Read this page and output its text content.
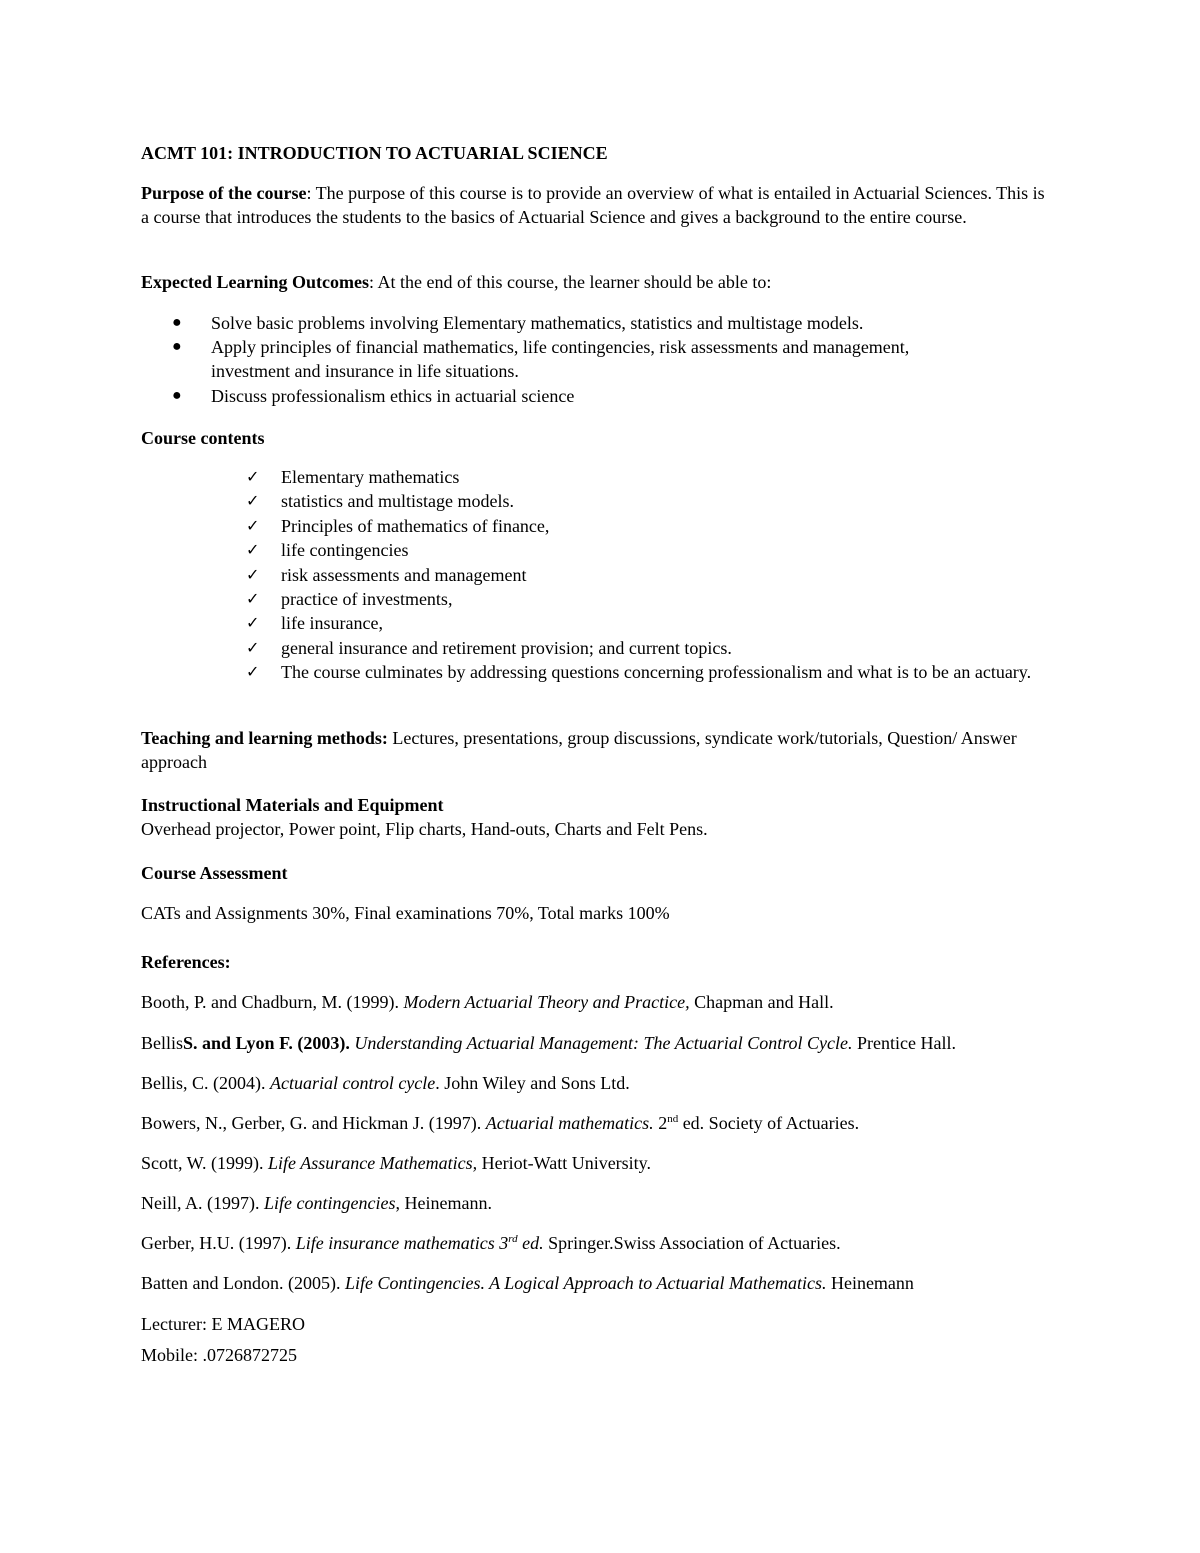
ACMT 101: INTRODUCTION TO ACTUARIAL SCIENCE

Purpose of the course: The purpose of this course is to provide an overview of what is entailed in Actuarial Sciences. This is a course that introduces the students to the basics of Actuarial Science and gives a background to the entire course.

Expected Learning Outcomes: At the end of this course, the learner should be able to:

● Solve basic problems involving Elementary mathematics, statistics and multistage models.
● Apply principles of financial mathematics, life contingencies, risk assessments and management, investment and insurance in life situations.
● Discuss professionalism ethics in actuarial science

Course contents

✓ Elementary mathematics
✓ statistics and multistage models.
✓ Principles of mathematics of finance,
✓ life contingencies
✓ risk assessments and management
✓ practice of investments,
✓ life insurance,
✓ general insurance and retirement provision; and current topics.
✓ The course culminates by addressing questions concerning professionalism and what is to be an actuary.

Teaching and learning methods: Lectures, presentations, group discussions, syndicate work/tutorials, Question/ Answer approach

Instructional Materials and Equipment

Overhead projector, Power point, Flip charts, Hand-outs, Charts and Felt Pens.

Course Assessment

CATs and Assignments 30%, Final examinations 70%, Total marks 100%

References:

Booth, P. and Chadburn, M. (1999). Modern Actuarial Theory and Practice, Chapman and Hall.

BellisS. and Lyon F. (2003). Understanding Actuarial Management: The Actuarial Control Cycle. Prentice Hall.

Bellis, C. (2004). Actuarial control cycle. John Wiley and Sons Ltd.

Bowers, N., Gerber, G. and Hickman J. (1997). Actuarial mathematics. 2nd ed. Society of Actuaries.

Scott, W. (1999). Life Assurance Mathematics, Heriot-Watt University.

Neill, A. (1997). Life contingencies, Heinemann.

Gerber, H.U. (1997). Life insurance mathematics 3rd ed. Springer.Swiss Association of Actuaries.

Batten and London. (2005). Life Contingencies. A Logical Approach to Actuarial Mathematics. Heinemann

Lecturer: E MAGERO

Mobile: .0726872725
